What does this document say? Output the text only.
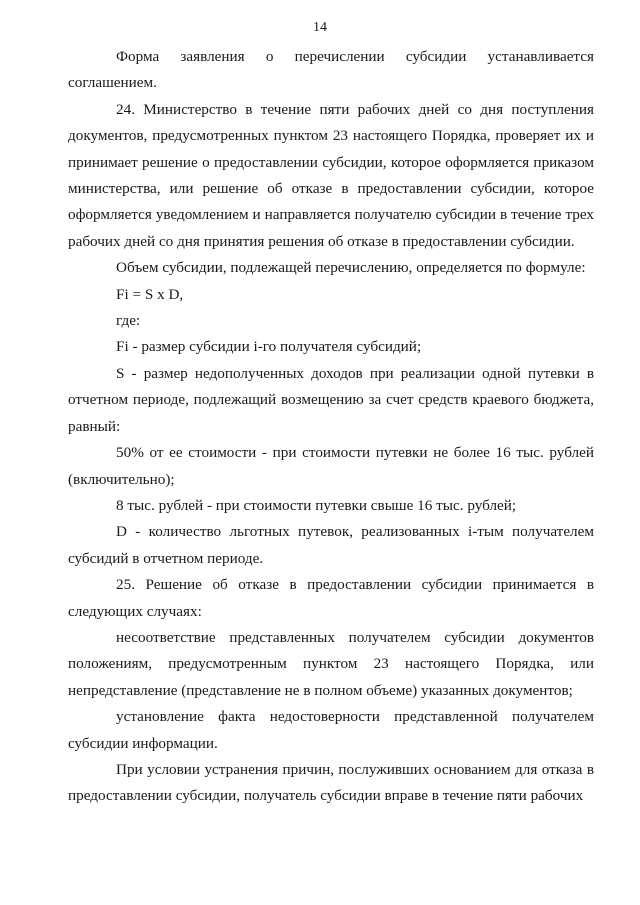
14

Форма заявления о перечислении субсидии устанавливается соглашением.

24. Министерство в течение пяти рабочих дней со дня поступления документов, предусмотренных пунктом 23 настоящего Порядка, проверяет их и принимает решение о предоставлении субсидии, которое оформляется приказом министерства, или решение об отказе в предоставлении субсидии, которое оформляется уведомлением и направляется получателю субсидии в течение трех рабочих дней со дня принятия решения об отказе в предоставлении субсидии.

Объем субсидии, подлежащей перечислению, определяется по формуле:

Fi = S x D,

где:

Fi - размер субсидии i-го получателя субсидий;

S - размер недополученных доходов при реализации одной путевки в отчетном периоде, подлежащий возмещению за счет средств краевого бюджета, равный:

50% от ее стоимости - при стоимости путевки не более 16 тыс. рублей (включительно);

8 тыс. рублей - при стоимости путевки свыше 16 тыс. рублей;

D - количество льготных путевок, реализованных i-тым получателем субсидий в отчетном периоде.

25. Решение об отказе в предоставлении субсидии принимается в следующих случаях:

несоответствие представленных получателем субсидии документов положениям, предусмотренным пунктом 23 настоящего Порядка, или непредставление (представление не в полном объеме) указанных документов;

установление факта недостоверности представленной получателем субсидии информации.

При условии устранения причин, послуживших основанием для отказа в предоставлении субсидии, получатель субсидии вправе в течение пяти рабочих
